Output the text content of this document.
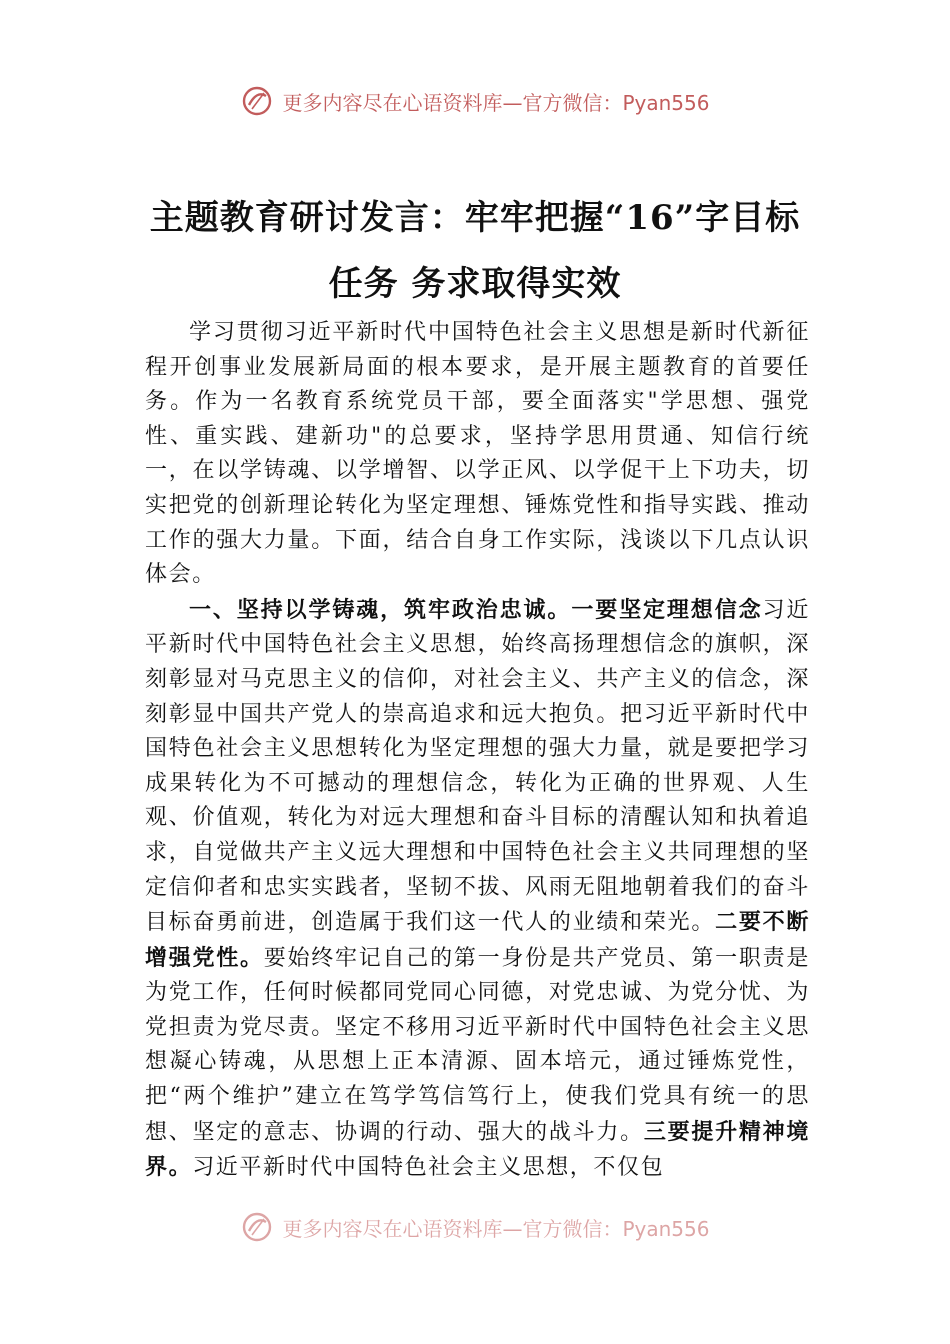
更多内容尽在心语资料库—官方微信：Pyan556
主题教育研讨发言：牢牢把握“16”字目标
任务 务求取得实效

学习贯彻习近平新时代中国特色社会主义思想是新时代新征程开创事业发展新局面的根本要求，是开展主题教育的首要任务。作为一名教育系统党员干部，要全面落实"学思想、强党性、重实践、建新功"的总要求，坚持学思用贯通、知信行统一，在以学铸魂、以学增智、以学正风、以学促干上下功夫，切实把党的创新理论转化为坚定理想、锤炼党性和指导实践、推动工作的强大力量。下面，结合自身工作实际，浅谈以下几点认识体会。

一、坚持以学铸魂，筑牢政治忠诚。一要坚定理想信念习近平新时代中国特色社会主义思想，始终高扬理想信念的旗帜，深刻彰显对马克思主义的信仰，对社会主义、共产主义的信念，深刻彰显中国共产党人的崇高追求和远大抱负。把习近平新时代中国特色社会主义思想转化为坚定理想的强大力量，就是要把学习成果转化为不可撼动的理想信念，转化为正确的世界观、人生观、价值观，转化为对远大理想和奋斗目标的清醒认知和执着追求，自觉做共产主义远大理想和中国特色社会主义共同理想的坚定信仰者和忠实实践者，坚韧不拔、风雨无阻地朝着我们的奋斗目标奋勇前进，创造属于我们这一代人的业绩和荣光。二要不断增强党性。要始终牢记自己的第一身份是共产党员、第一职责是为党工作，任何时候都同党同心同德，对党忠诚、为党分忧、为党担责为党尽责。坚定不移用习近平新时代中国特色社会主义思想凝心铸魂，从思想上正本清源、固本培元，通过锤炼党性，把“两个维护”建立在笃学笃信笃行上，使我们党具有统一的思想、坚定的意志、协调的行动、强大的战斗力。三要提升精神境界。习近平新时代中国特色社会主义思想，不仅包

更多内容尽在心语资料库—官方微信：Pyan556
